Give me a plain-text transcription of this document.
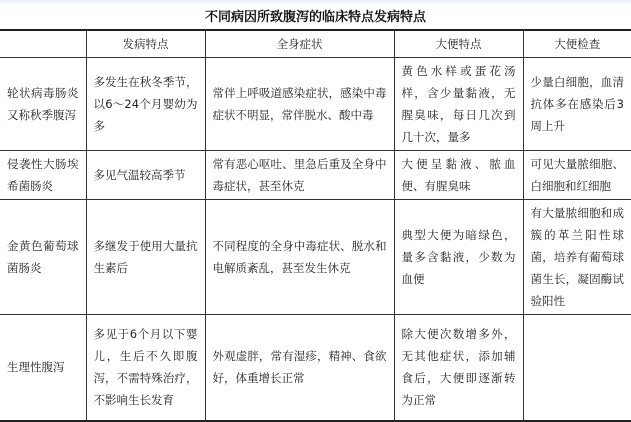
不同病因所致腹泻的临床特点发病特点
	发病特点	全身症状	大便特点	大便检查
轮状病毒肠炎又称秋季腹泻	多发生在秋冬季节，以6～24个月婴幼为多	常伴上呼吸道感染症状，感染中毒症状不明显，常伴脱水、酸中毒	黄色水样或蛋花汤样，含少量黏液，无腥臭味，每日几次到几十次，量多	少量白细胞，血清抗体多在感染后3周上升
侵袭性大肠埃希菌肠炎	多见气温较高季节	常有恶心呕吐、里急后重及全身中毒症状，甚至休克	大便呈黏液、脓血便、有腥臭味	可见大量脓细胞、白细胞和红细胞
金黄色葡萄球菌肠炎	多继发于使用大量抗生素后	不同程度的全身中毒症状、脱水和电解质紊乱，甚至发生休克	典型大便为暗绿色，量多含黏液，少数为血便	有大量脓细胞和成簇的革兰阳性球菌，培养有葡萄球菌生长，凝固酶试验阳性
生理性腹泻	多见于6个月以下婴儿，生后不久即腹泻，不需特殊治疗，不影响生长发育	外观虚胖，常有湿疹，精神、食欲好，体重增长正常	除大便次数增多外，无其他症状，添加辅食后，大便即逐渐转为正常	
